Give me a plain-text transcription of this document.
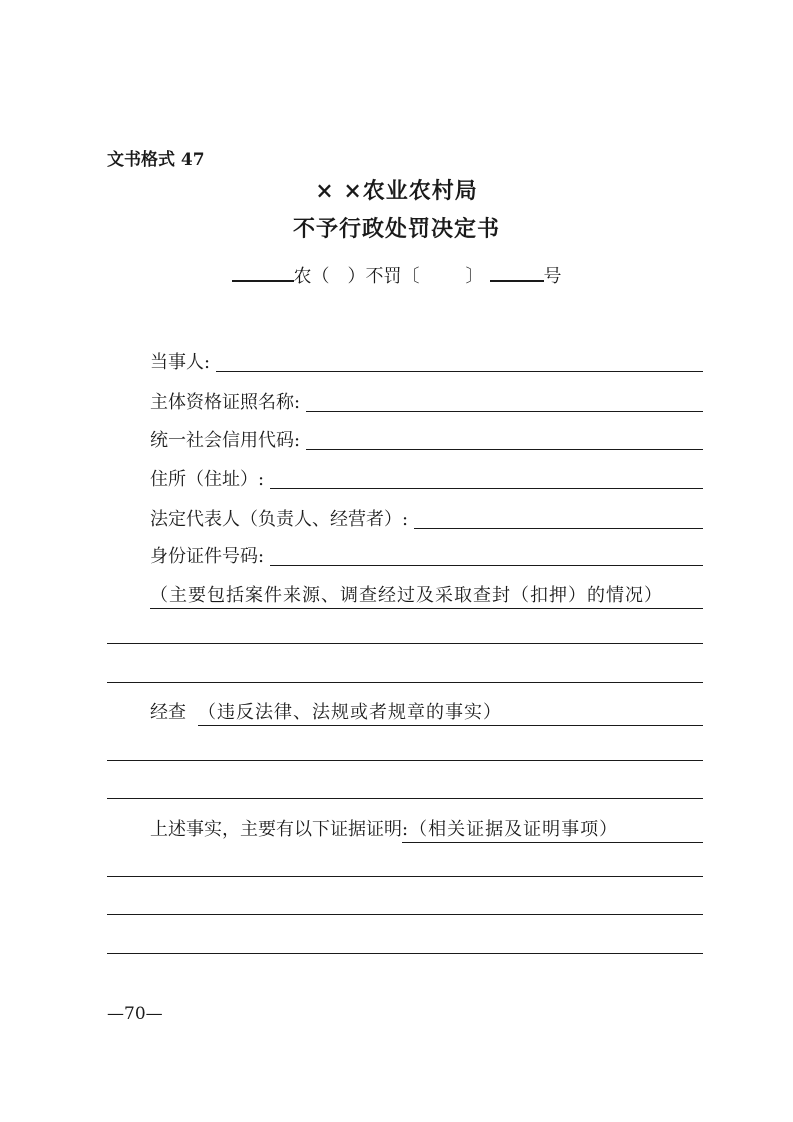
文书格式 47
× ×农业农村局
不予行政处罚决定书
农（　）不罚〔	〕	号
当事人:
主体资格证照名称:
统一社会信用代码:
住所（住址）:
法定代表人（负责人、经营者）:
身份证件号码:
（主要包括案件来源、调查经过及采取查封（扣押）的情况）
经查 （违反法律、法规或者规章的事实）
上述事实，主要有以下证据证明 :（相关证据及证明事项）
—70—
